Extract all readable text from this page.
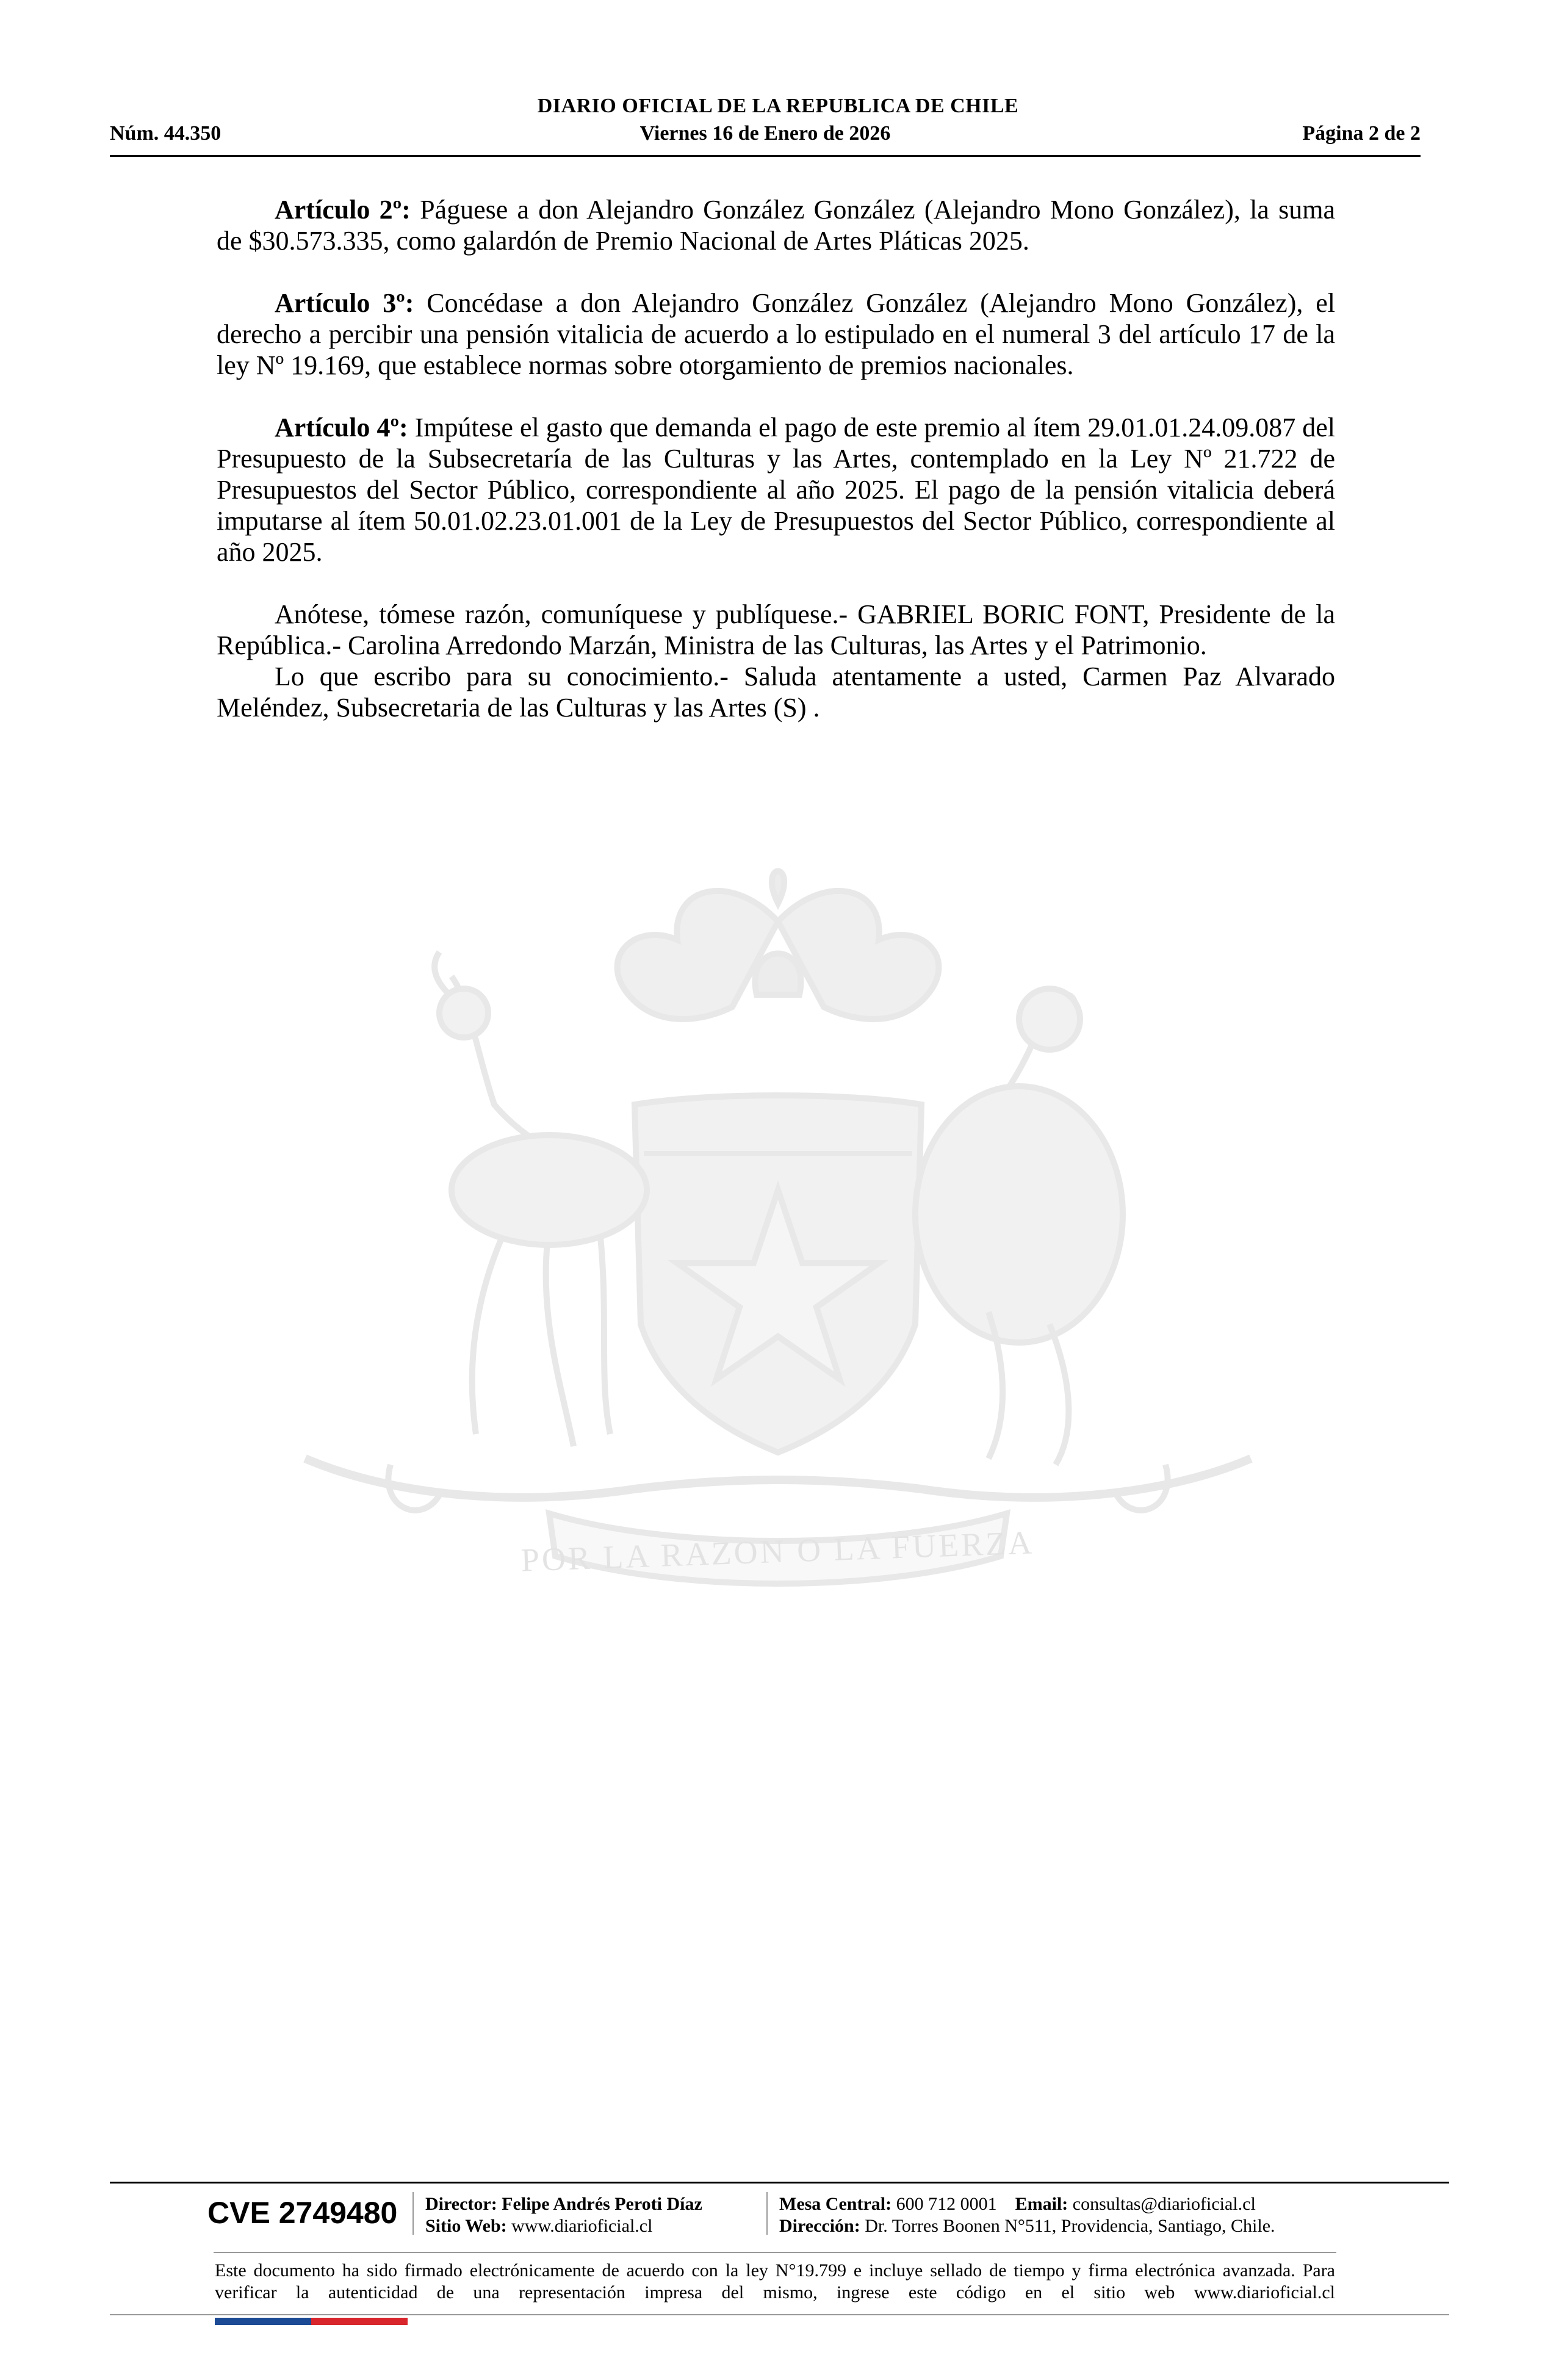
DIARIO OFICIAL DE LA REPUBLICA DE CHILE
Viernes 16 de Enero de 2026
Núm. 44.350	Página 2 de 2
POR LA RAZON O LA FUERZA

Artículo 2º: Páguese a don Alejandro González González (Alejandro Mono González), la suma de $30.573.335, como galardón de Premio Nacional de Artes Pláticas 2025.

Artículo 3º: Concédase a don Alejandro González González (Alejandro Mono González), el derecho a percibir una pensión vitalicia de acuerdo a lo estipulado en el numeral 3 del artículo 17 de la ley Nº 19.169, que establece normas sobre otorgamiento de premios nacionales.

Artículo 4º: Impútese el gasto que demanda el pago de este premio al ítem 29.01.01.24.09.087 del Presupuesto de la Subsecretaría de las Culturas y las Artes, contemplado en la Ley Nº 21.722 de Presupuestos del Sector Público, correspondiente al año 2025. El pago de la pensión vitalicia deberá imputarse al ítem 50.01.02.23.01.001 de la Ley de Presupuestos del Sector Público, correspondiente al año 2025.

Anótese, tómese razón, comuníquese y publíquese.- GABRIEL BORIC FONT, Presidente de la República.- Carolina Arredondo Marzán, Ministra de las Culturas, las Artes y el Patrimonio.

Lo que escribo para su conocimiento.- Saluda atentamente a usted, Carmen Paz Alvarado Meléndez, Subsecretaria de las Culturas y las Artes (S) .

CVE 2749480	Director: Felipe Andrés Peroti Díaz
Sitio Web: www.diarioficial.cl
Mesa Central: 600 712 0001 Email: consultas@diarioficial.cl
Dirección: Dr. Torres Boonen N°511, Providencia, Santiago, Chile.
Este documento ha sido firmado electrónicamente de acuerdo con la ley N°19.799 e incluye sellado de tiempo y firma electrónica avanzada. Para verificar la autenticidad de una representación impresa del mismo, ingrese este código en el sitio web www.diarioficial.cl
